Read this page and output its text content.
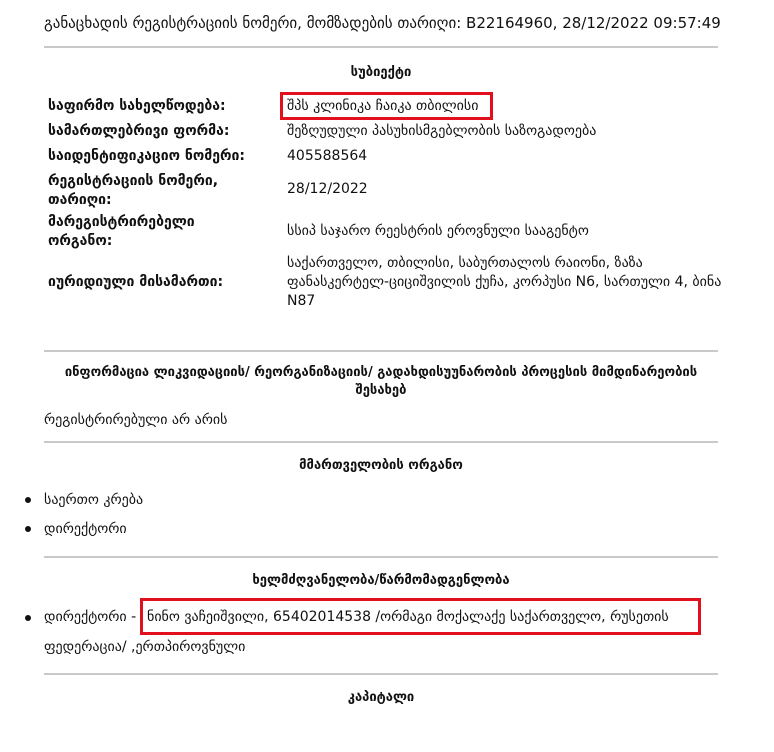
განაცხადის რეგისტრაციის ნომერი, მომზადების თარიღი: B22164960, 28/12/2022 09:57:49
სუბიექტი
საფირმო სახელწოდება:	შპს კლინიკა ჩაიკა თბილისი
სამართლებრივი ფორმა:	შეზღუდული პასუხისმგებლობის საზოგადოება
საიდენტიფიკაციო ნომერი:	405588564
რეგისტრაციის ნომერი, თარიღი:
28/12/2022
მარეგისტრირებელი ორგანო:
სსიპ საჯარო რეესტრის ეროვნული სააგენტო
იურიდიული მისამართი:
საქართველო, თბილისი, საბურთალოს რაიონი, ზაზა ფანასკერტელ-ციციშვილის ქუჩა, კორპუსი N6, სართული 4, ბინა N87
ინფორმაცია ლიკვიდაციის/ რეორგანიზაციის/ გადახდისუუნარობის პროცესის მიმდინარეობის შესახებ
რეგისტრირებული არ არის
მმართველობის ორგანო
საერთო კრება
დირექტორი
ხელმძღვანელობა/წარმომადგენლობა
დირექტორი - ნინო ვაჩეიშვილი, 65402014538 /ორმაგი მოქალაქე საქართველო, რუსეთის
ფედერაცია/ ,ერთპიროვნული
კაპიტალი
